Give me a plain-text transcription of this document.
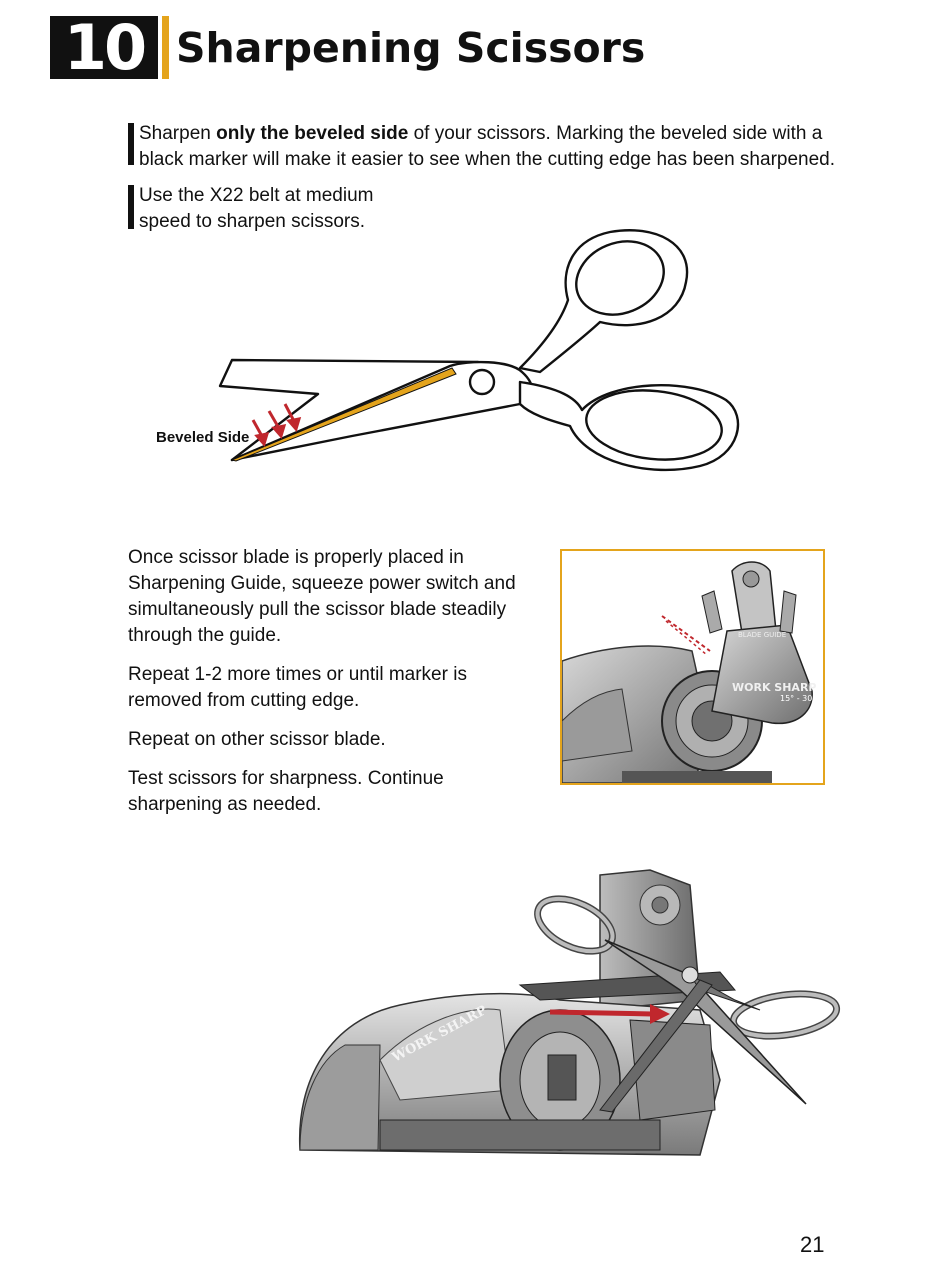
10 Sharpening Scissors
Sharpen only the beveled side of your scissors. Marking the beveled side with a black marker will make it easier to see when the cutting edge has been sharpened.
Use the X22 belt at medium speed to sharpen scissors.
Beveled Side

Once scissor blade is properly placed in Sharpening Guide, squeeze power switch and simultaneously pull the scissor blade steadily through the guide.

Repeat 1-2 more times or until marker is removed from cutting edge.

Repeat on other scissor blade.

Test scissors for sharpness. Continue sharpening as needed.

WORK SHARP
BLADE GUIDE
15° - 30°
WORK SHARP
21
